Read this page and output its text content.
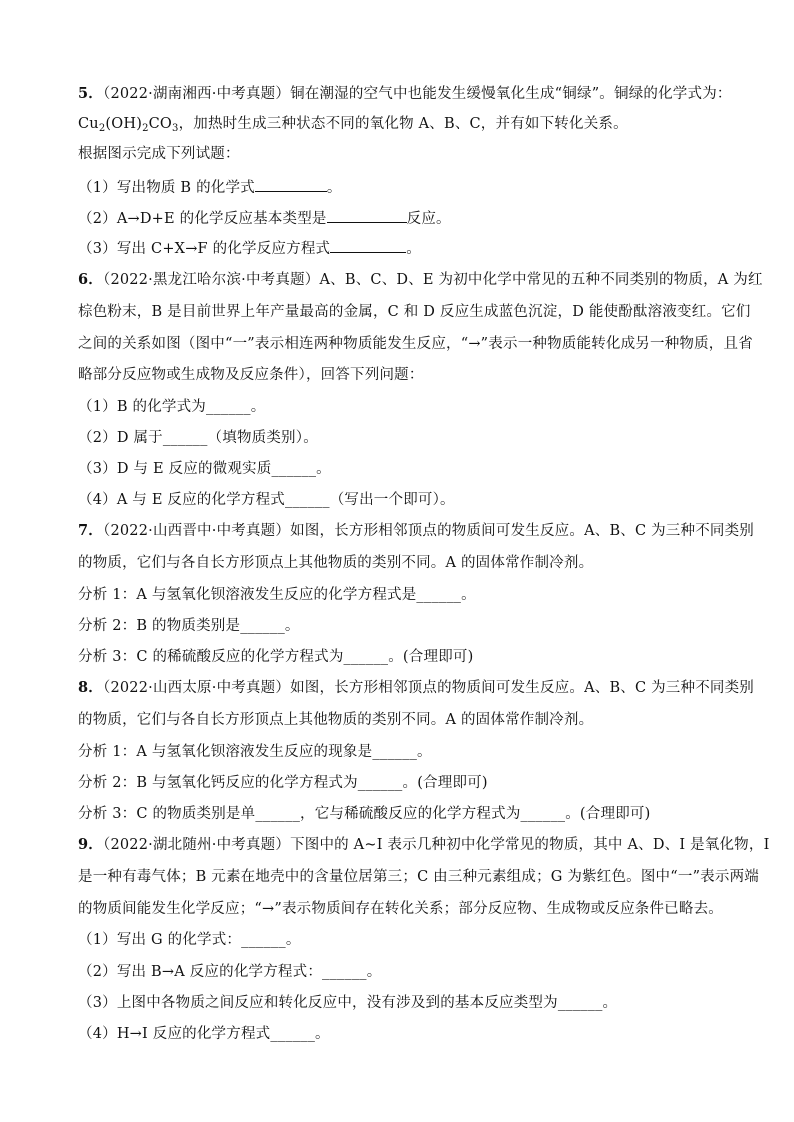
5．（2022·湖南湘西·中考真题）铜在潮湿的空气中也能发生缓慢氧化生成“铜绿”。铜绿的化学式为：
$Cu_2(OH)_2CO_3$，加热时生成三种状态不同的氧化物 A、B、C，并有如下转化关系。
根据图示完成下列试题：
（1）写出物质 B 的化学式	。
（2）A→D+E 的化学反应基本类型是	反应。
（3）写出 C+X→F 的化学反应方程式	。
6．（2022·黑龙江哈尔滨·中考真题）A、B、C、D、E 为初中化学中常见的五种不同类别的物质，A 为红
棕色粉末，B 是目前世界上年产量最高的金属，C 和 D 反应生成蓝色沉淀，D 能使酚酞溶液变红。它们
之间的关系如图（图中“一”表示相连两种物质能发生反应，“→”表示一种物质能转化成另一种物质，且省
略部分反应物或生成物及反应条件），回答下列问题：
（1）B 的化学式为______。
（2）D 属于______（填物质类别）。
（3）D 与 E 反应的微观实质______。
（4）A 与 E 反应的化学方程式______（写出一个即可）。
7．（2022·山西晋中·中考真题）如图，长方形相邻顶点的物质间可发生反应。A、B、C 为三种不同类别
的物质，它们与各自长方形顶点上其他物质的类别不同。A 的固体常作制冷剂。
分析 1：A 与氢氧化钡溶液发生反应的化学方程式是______。
分析 2：B 的物质类别是______。
分析 3：C 的稀硫酸反应的化学方程式为______。(合理即可)
8．（2022·山西太原·中考真题）如图，长方形相邻顶点的物质间可发生反应。A、B、C 为三种不同类别
的物质，它们与各自长方形顶点上其他物质的类别不同。A 的固体常作制冷剂。
分析 1：A 与氢氧化钡溶液发生反应的现象是______。
分析 2：B 与氢氧化钙反应的化学方程式为______。(合理即可)
分析 3：C 的物质类别是单______，它与稀硫酸反应的化学方程式为______。(合理即可)
9．（2022·湖北随州·中考真题）下图中的 A~I 表示几种初中化学常见的物质，其中 A、D、I 是氧化物，I
是一种有毒气体；B 元素在地壳中的含量位居第三；C 由三种元素组成；G 为紫红色。图中“一”表示两端
的物质间能发生化学反应；“→”表示物质间存在转化关系；部分反应物、生成物或反应条件已略去。
（1）写出 G 的化学式：______。
（2）写出 B→A 反应的化学方程式：______。
（3）上图中各物质之间反应和转化反应中，没有涉及到的基本反应类型为______。
（4）H→I 反应的化学方程式______。
